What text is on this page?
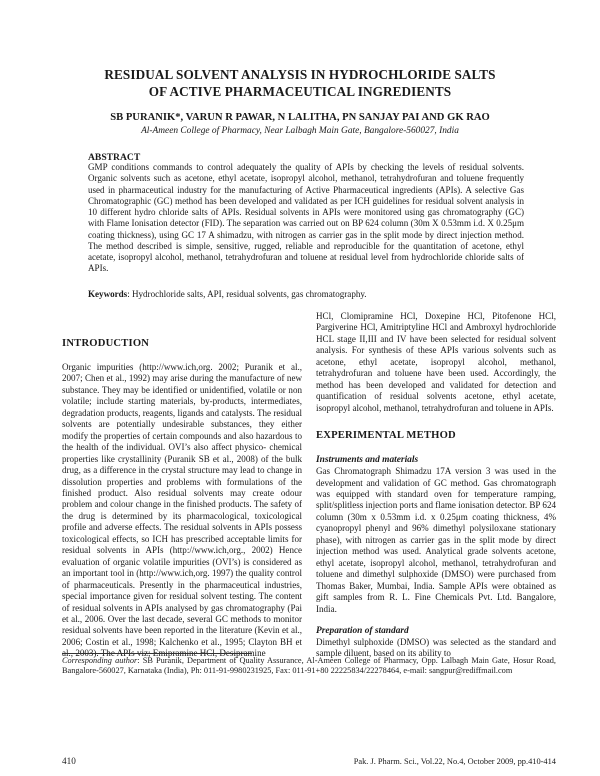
RESIDUAL SOLVENT ANALYSIS IN HYDROCHLORIDE SALTS
OF ACTIVE PHARMACEUTICAL INGREDIENTS
SB PURANIK*, VARUN R PAWAR, N LALITHA, PN SANJAY PAI AND GK RAO
Al-Ameen College of Pharmacy, Near Lalbagh Main Gate, Bangalore-560027, India
ABSTRACT

GMP conditions commands to control adequately the quality of APIs by checking the levels of residual solvents. Organic solvents such as acetone, ethyl acetate, isopropyl alcohol, methanol, tetrahydrofuran and toluene frequently used in pharmaceutical industry for the manufacturing of Active Pharmaceutical ingredients (APIs). A selective Gas Chromatographic (GC) method has been developed and validated as per ICH guidelines for residual solvent analysis in 10 different hydro chloride salts of APIs. Residual solvents in APIs were monitored using gas chromatography (GC) with Flame Ionisation detector (FID). The separation was carried out on BP 624 column (30m X 0.53mm i.d. X 0.25μm coating thickness), using GC 17 A shimadzu, with nitrogen as carrier gas in the split mode by direct injection method. The method described is simple, sensitive, rugged, reliable and reproducible for the quantitation of acetone, ethyl acetate, isopropyl alcohol, methanol, tetrahydrofuran and toluene at residual level from hydrochloride chloride salts of APIs.

Keywords: Hydrochloride salts, API, residual solvents, gas chromatography.

INTRODUCTION

Organic impurities (http://www.ich,org. 2002; Puranik et al., 2007; Chen et al., 1992) may arise during the manufacture of new substance. They may be identified or unidentified, volatile or non volatile; include starting materials, by-products, intermediates, degradation products, reagents, ligands and catalysts. The residual solvents are potentially undesirable substances, they either modify the properties of certain compounds and also hazardous to the health of the individual. OVI’s also affect physico- chemical properties like crystallinity (Puranik SB et al., 2008) of the bulk drug, as a difference in the crystal structure may lead to change in dissolution properties and problems with formulations of the finished product. Also residual solvents may create odour problem and colour change in the finished products. The safety of the drug is determined by its pharmacological, toxicological profile and adverse effects. The residual solvents in APIs possess toxicological effects, so ICH has prescribed acceptable limits for residual solvents in APIs (http://www.ich,org., 2002) Hence evaluation of organic volatile impurities (OVI’s) is considered as an important tool in (http://www.ich,org. 1997) the quality control of pharmaceuticals. Presently in the pharmaceutical industries, special importance given for residual solvent testing. The content of residual solvents in APIs analysed by gas chromatography (Pai et al., 2006. Over the last decade, several GC methods to monitor residual solvents have been reported in the literature (Kevin et al., 2006; Costin et al., 1998; Kalchenko et al., 1995; Clayton BH et al., 2003). The APIs viz; Emipramine HCl, Desipramine

HCl, Clomipramine HCl, Doxepine HCl, Pitofenone HCl, Pargiverine HCl, Amitriptyline HCl and Ambroxyl hydrochloride HCL stage II,III and IV have been selected for residual solvent analysis. For synthesis of these APIs various solvents such as acetone, ethyl acetate, isopropyl alcohol, methanol, tetrahydrofuran and toluene have been used. Accordingly, the method has been developed and validated for detection and quantification of residual solvents acetone, ethyl acetate, isopropyl alcohol, methanol, tetrahydrofuran and toluene in APIs.

EXPERIMENTAL METHOD
Instruments and materials

Gas Chromatograph Shimadzu 17A version 3 was used in the development and validation of GC method. Gas chromatograph was equipped with standard oven for temperature ramping, split/splitless injection ports and flame ionisation detector. BP 624 column (30m x 0.53mm i.d. x 0.25μm coating thickness, 4% cyanopropyl phenyl and 96% dimethyl polysiloxane stationary phase), with nitrogen as carrier gas in the split mode by direct injection method was used. Analytical grade solvents acetone, ethyl acetate, isopropyl alcohol, methanol, tetrahydrofuran and toluene and dimethyl sulphoxide (DMSO) were purchased from Thomas Baker, Mumbai, India. Sample APIs were obtained as gift samples from R. L. Fine Chemicals Pvt. Ltd. Bangalore, India.

Preparation of standard

Dimethyl sulphoxide (DMSO) was selected as the standard and sample diluent, based on its ability to

Corresponding author: SB Puranik, Department of Quality Assurance, Al-Ameen College of Pharmacy, Opp. Lalbagh Main Gate, Hosur Road, Bangalore-560027, Karnataka (India), Ph: 011-91-9980231925, Fax: 011-91+80 22225834/22278464, e-mail: sangpur@rediffmail.com

410	Pak. J. Pharm. Sci., Vol.22, No.4, October 2009, pp.410-414
